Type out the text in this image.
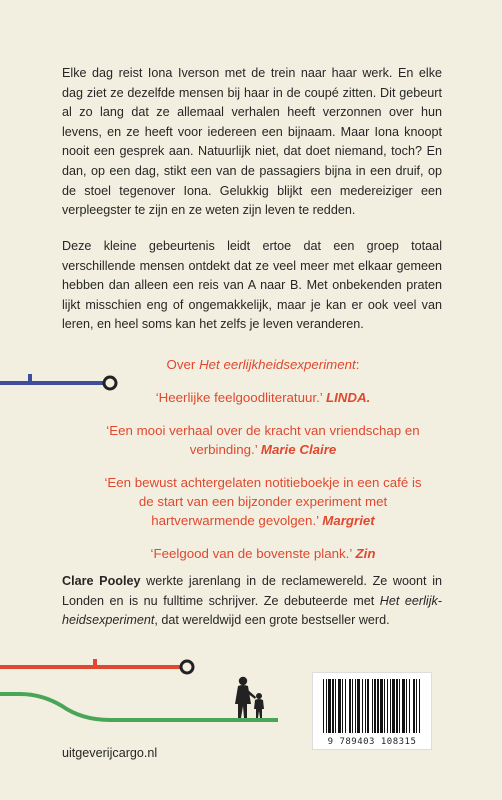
Elke dag reist Iona Iverson met de trein naar haar werk. En elke dag ziet ze dezelfde mensen bij haar in de coupé zitten. Dit gebeurt al zo lang dat ze allemaal verhalen heeft verzonnen over hun levens, en ze heeft voor iedereen een bijnaam. Maar Iona knoopt nooit een gesprek aan. Natuurlijk niet, dat doet niemand, toch? En dan, op een dag, stikt een van de passagiers bijna in een druif, op de stoel tegenover Iona. Gelukkig blijkt een medereiziger een verpleegster te zijn en ze weten zijn leven te redden.

Deze kleine gebeurtenis leidt ertoe dat een groep totaal verschillende mensen ontdekt dat ze veel meer met elkaar gemeen hebben dan alleen een reis van A naar B. Met onbekenden praten lijkt misschien eng of ongemakkelijk, maar je kan er ook veel van leren, en heel soms kan het zelfs je leven veranderen.

Over Het eerlijkheidsexperiment:

‘Heerlijke feelgoodliteratuur.’ LINDA.

‘Een mooi verhaal over de kracht van vriendschap en verbinding.’ Marie Claire

‘Een bewust achtergelaten notitieboekje in een café is de start van een bijzonder experiment met hartverwarmende gevolgen.’ Margriet

‘Feelgood van de bovenste plank.’ Zin

Clare Pooley werkte jarenlang in de reclamewereld. Ze woont in Londen en is nu fulltime schrijver. Ze debuteerde met Het eerlijkheidsexperiment, dat wereldwijd een grote bestseller werd.

9 789403 108315

uitgeverijcargo.nl
